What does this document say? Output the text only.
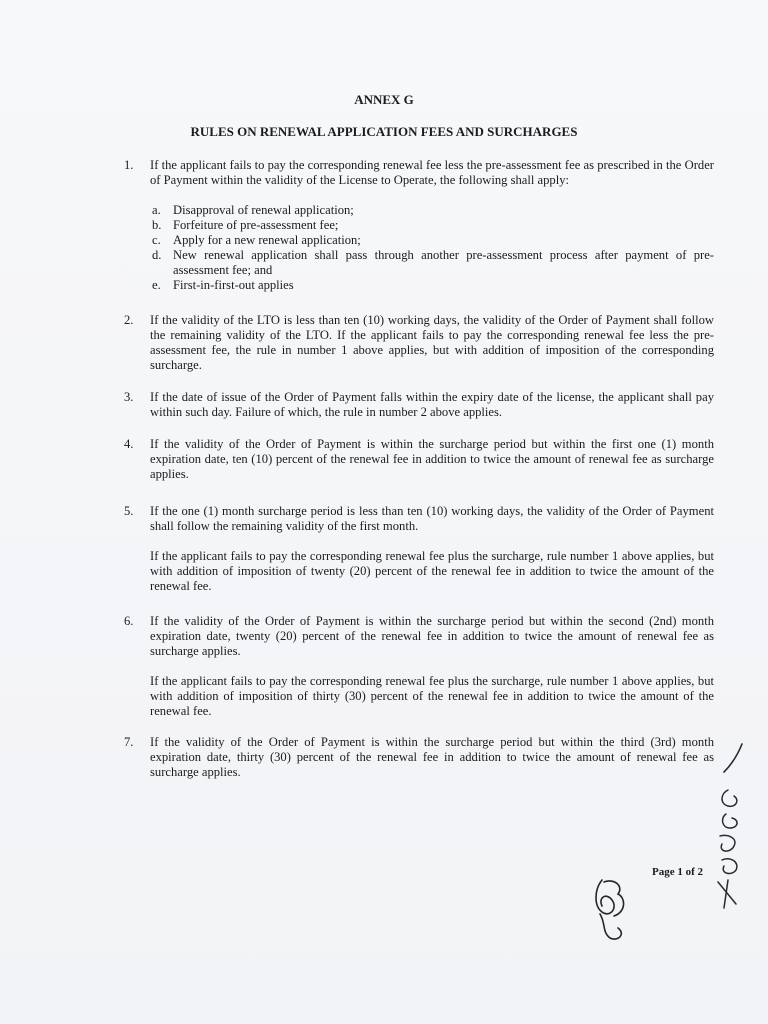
ANNEX G
RULES ON RENEWAL APPLICATION FEES AND SURCHARGES
1. If the applicant fails to pay the corresponding renewal fee less the pre-assessment fee as prescribed in the Order of Payment within the validity of the License to Operate, the following shall apply:

a. Disapproval of renewal application;
b. Forfeiture of pre-assessment fee;
c. Apply for a new renewal application;
d. New renewal application shall pass through another pre-assessment process after payment of pre-assessment fee; and
e. First-in-first-out applies
2. If the validity of the LTO is less than ten (10) working days, the validity of the Order of Payment shall follow the remaining validity of the LTO. If the applicant fails to pay the corresponding renewal fee less the pre-assessment fee, the rule in number 1 above applies, but with addition of imposition of the corresponding surcharge.

3. If the date of issue of the Order of Payment falls within the expiry date of the license, the applicant shall pay within such day. Failure of which, the rule in number 2 above applies.

4. If the validity of the Order of Payment is within the surcharge period but within the first one (1) month expiration date, ten (10) percent of the renewal fee in addition to twice the amount of renewal fee as surcharge applies.

5. If the one (1) month surcharge period is less than ten (10) working days, the validity of the Order of Payment shall follow the remaining validity of the first month.

If the applicant fails to pay the corresponding renewal fee plus the surcharge, rule number 1 above applies, but with addition of imposition of twenty (20) percent of the renewal fee in addition to twice the amount of the renewal fee.

6. If the validity of the Order of Payment is within the surcharge period but within the second (2nd) month expiration date, twenty (20) percent of the renewal fee in addition to twice the amount of renewal fee as surcharge applies.

If the applicant fails to pay the corresponding renewal fee plus the surcharge, rule number 1 above applies, but with addition of imposition of thirty (30) percent of the renewal fee in addition to twice the amount of the renewal fee.

7. If the validity of the Order of Payment is within the surcharge period but within the third (3rd) month expiration date, thirty (30) percent of the renewal fee in addition to twice the amount of renewal fee as surcharge applies.

Page 1 of 2
